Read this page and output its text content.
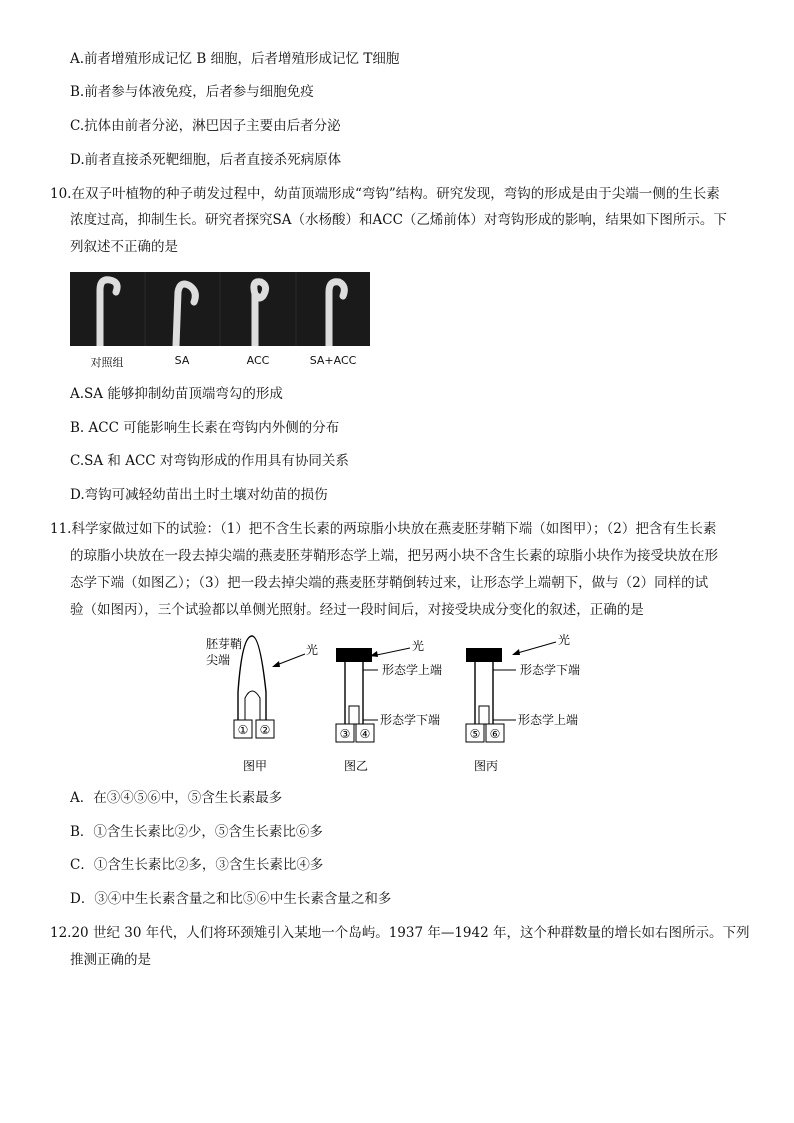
A.前者增殖形成记忆 B 细胞，后者增殖形成记忆 T细胞
B.前者参与体液免疫，后者参与细胞免疫
C.抗体由前者分泌，淋巴因子主要由后者分泌
D.前者直接杀死靶细胞，后者直接杀死病原体
10.在双子叶植物的种子萌发过程中，幼苗顶端形成“弯钩”结构。研究发现，弯钩的形成是由于尖端一侧的生长素
浓度过高，抑制生长。研究者探究SA（水杨酸）和ACC（乙烯前体）对弯钩形成的影响，结果如下图所示。下
列叙述不正确的是
对照组	SA	ACC	SA+ACC
A.SA 能够抑制幼苗顶端弯勾的形成
B. ACC 可能影响生长素在弯钩内外侧的分布
C.SA 和 ACC 对弯钩形成的作用具有协同关系
D.弯钩可减轻幼苗出土时土壤对幼苗的损伤
11.科学家做过如下的试验：（1）把不含生长素的两琼脂小块放在燕麦胚芽鞘下端（如图甲）；（2）把含有生长素
的琼脂小块放在一段去掉尖端的燕麦胚芽鞘形态学上端，把另两小块不含生长素的琼脂小块作为接受块放在形
态学下端（如图乙）；（3）把一段去掉尖端的燕麦胚芽鞘倒转过来，让形态学上端朝下，做与（2）同样的试
验（如图丙），三个试验都以单侧光照射。经过一段时间后，对接受块成分变化的叙述，正确的是
胚芽鞘
尖端
光
① ②
图甲
光
形态学上端
形态学下端
③ ④
图乙
光
形态学下端
形态学上端
⑤ ⑥
图丙
A．在③④⑤⑥中，⑤含生长素最多
B．①含生长素比②少，⑤含生长素比⑥多
C．①含生长素比②多，③含生长素比④多
D．③④中生长素含量之和比⑤⑥中生长素含量之和多
12.20 世纪 30 年代，人们将环颈雉引入某地一个岛屿。1937 年—1942 年，这个种群数量的增长如右图所示。下列
推测正确的是
